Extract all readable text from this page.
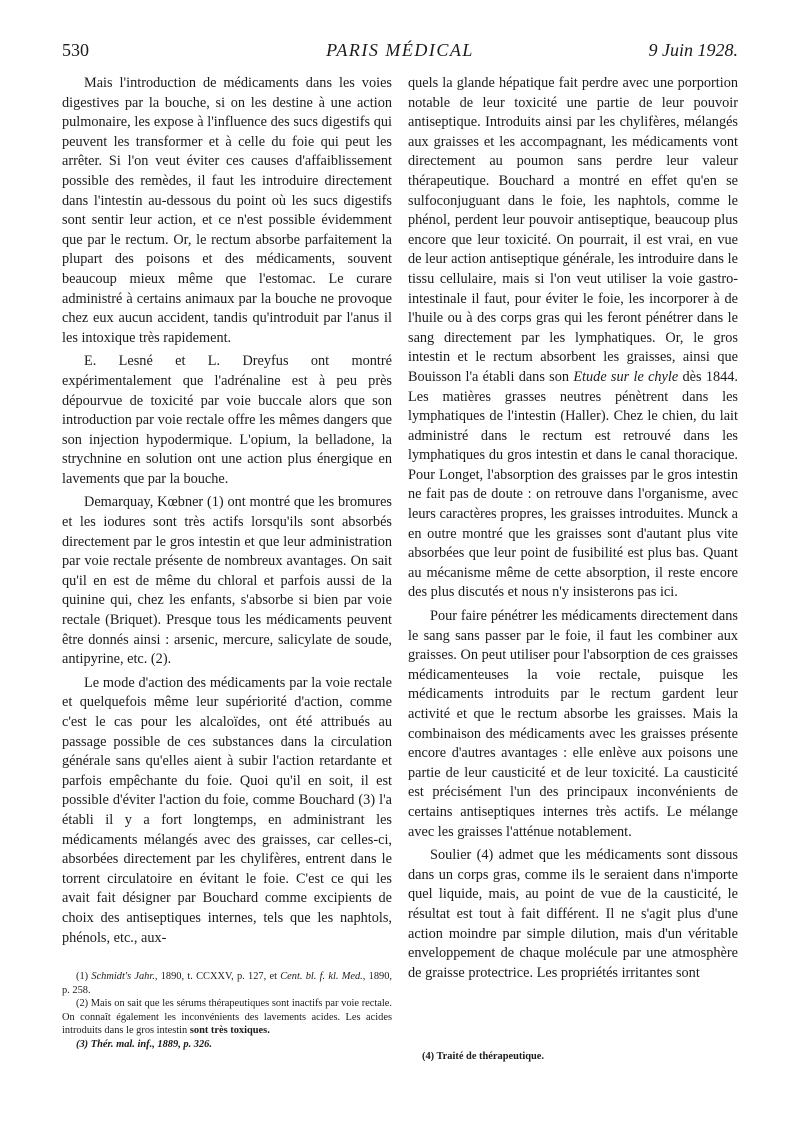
530	PARIS MÉDICAL	9 Juin 1928.

Mais l'introduction de médicaments dans les voies digestives par la bouche, si on les destine à une action pulmonaire, les expose à l'influence des sucs digestifs qui peuvent les transformer et à celle du foie qui peut les arrêter. Si l'on veut éviter ces causes d'affaiblissement possible des remèdes, il faut les introduire directement dans l'intestin au-dessous du point où les sucs digestifs sont sentir leur action, et ce n'est possible évidemment que par le rectum. Or, le rectum absorbe parfaitement la plupart des poisons et des médicaments, souvent beaucoup mieux même que l'estomac. Le curare administré à certains animaux par la bouche ne provoque chez eux aucun accident, tandis qu'introduit par l'anus il les intoxique très rapidement.

E. Lesné et L. Dreyfus ont montré expérimentalement que l'adrénaline est à peu près dépourvue de toxicité par voie buccale alors que son introduction par voie rectale offre les mêmes dangers que son injection hypodermique. L'opium, la belladone, la strychnine en solution ont une action plus énergique en lavements que par la bouche.

Demarquay, Kœbner (1) ont montré que les bromures et les iodures sont très actifs lorsqu'ils sont absorbés directement par le gros intestin et que leur administration par voie rectale présente de nombreux avantages. On sait qu'il en est de même du chloral et parfois aussi de la quinine qui, chez les enfants, s'absorbe si bien par voie rectale (Briquet). Presque tous les médicaments peuvent être donnés ainsi : arsenic, mercure, salicylate de soude, antipyrine, etc. (2).

Le mode d'action des médicaments par la voie rectale et quelquefois même leur supériorité d'action, comme c'est le cas pour les alcaloïdes, ont été attribués au passage possible de ces substances dans la circulation générale sans qu'elles aient à subir l'action retardante et parfois empêchante du foie. Quoi qu'il en soit, il est possible d'éviter l'action du foie, comme Bouchard (3) l'a établi il y a fort longtemps, en administrant les médicaments mélangés avec des graisses, car celles-ci, absorbées directement par les chylifères, entrent dans le torrent circulatoire en évitant le foie. C'est ce qui les avait fait désigner par Bouchard comme excipients de choix des antiseptiques internes, tels que les naphtols, phénols, etc., aux-

quels la glande hépatique fait perdre avec une porportion notable de leur toxicité une partie de leur pouvoir antiseptique. Introduits ainsi par les chylifères, mélangés aux graisses et les accompagnant, les médicaments vont directement au poumon sans perdre leur valeur thérapeutique. Bouchard a montré en effet qu'en se sulfoconjuguant dans le foie, les naphtols, comme le phénol, perdent leur pouvoir antiseptique, beaucoup plus encore que leur toxicité. On pourrait, il est vrai, en vue de leur action antiseptique générale, les introduire dans le tissu cellulaire, mais si l'on veut utiliser la voie gastro-intestinale il faut, pour éviter le foie, les incorporer à de l'huile ou à des corps gras qui les feront pénétrer dans le sang directement par les lymphatiques. Or, le gros intestin et le rectum absorbent les graisses, ainsi que Bouisson l'a établi dans son Etude sur le chyle dès 1844. Les matières grasses neutres pénètrent dans les lymphatiques de l'intestin (Haller). Chez le chien, du lait administré dans le rectum est retrouvé dans les lymphatiques du gros intestin et dans le canal thoracique. Pour Longet, l'absorption des graisses par le gros intestin ne fait pas de doute : on retrouve dans l'organisme, avec leurs caractères propres, les graisses introduites. Munck a en outre montré que les graisses sont d'autant plus vite absorbées que leur point de fusibilité est plus bas. Quant au mécanisme même de cette absorption, il reste encore des plus discutés et nous n'y insisterons pas ici.

Pour faire pénétrer les médicaments directement dans le sang sans passer par le foie, il faut les combiner aux graisses. On peut utiliser pour l'absorption de ces graisses médicamenteuses la voie rectale, puisque les médicaments introduits par le rectum gardent leur activité et que le rectum absorbe les graisses. Mais la combinaison des médicaments avec les graisses présente encore d'autres avantages : elle enlève aux poisons une partie de leur causticité et de leur toxicité. La causticité est précisément l'un des principaux inconvénients de certains antiseptiques internes très actifs. Le mélange avec les graisses l'atténue notablement.

Soulier (4) admet que les médicaments sont dissous dans un corps gras, comme ils le seraient dans n'importe quel liquide, mais, au point de vue de la causticité, le résultat est tout à fait différent. Il ne s'agit plus d'une action moindre par simple dilution, mais d'un véritable enveloppement de chaque molécule par une atmosphère de graisse protectrice. Les propriétés irritantes sont

(1) Schmidt's Jahr., 1890, t. CCXXV, p. 127, et Cent. bl. f. kl. Med., 1890, p. 258.
(2) Mais on sait que les sérums thérapeutiques sont inactifs par voie rectale. On connaît également les inconvénients des lavements acides. Les acides introduits dans le gros intestin sont très toxiques.
(3) Thér. mal. inf., 1889, p. 326.
(4) Traité de thérapeutique.
